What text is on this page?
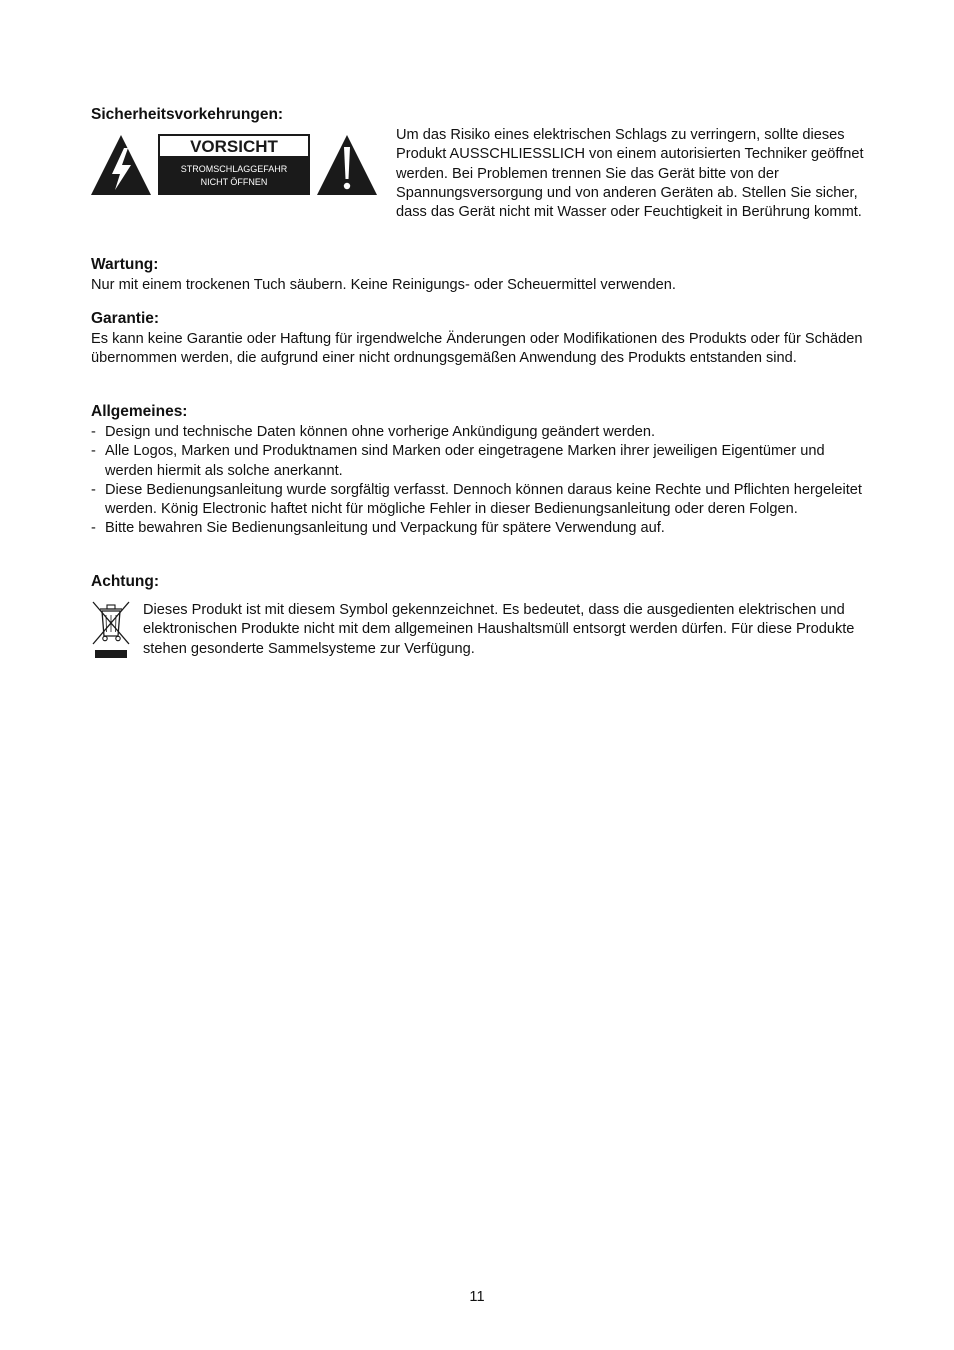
Sicherheitsvorkehrungen:
VORSICHT
STROMSCHLAGGEFAHR
NICHT ÖFFNEN
Um das Risiko eines elektrischen Schlags zu verringern, sollte dieses Produkt AUSSCHLIESSLICH von einem autorisierten Techniker geöffnet werden. Bei Problemen trennen Sie das Gerät bitte von der Spannungsversorgung und von anderen Geräten ab. Stellen Sie sicher, dass das Gerät nicht mit Wasser oder Feuchtigkeit in Berührung kommt.
Wartung:
Nur mit einem trockenen Tuch säubern. Keine Reinigungs- oder Scheuermittel verwenden.
Garantie:
Es kann keine Garantie oder Haftung für irgendwelche Änderungen oder Modifikationen des Produkts oder für Schäden übernommen werden, die aufgrund einer nicht ordnungsgemäßen Anwendung des Produkts entstanden sind.
Allgemeines:
- Design und technische Daten können ohne vorherige Ankündigung geändert werden.
- Alle Logos, Marken und Produktnamen sind Marken oder eingetragene Marken ihrer jeweiligen Eigentümer und werden hiermit als solche anerkannt.
- Diese Bedienungsanleitung wurde sorgfältig verfasst. Dennoch können daraus keine Rechte und Pflichten hergeleitet werden. König Electronic haftet nicht für mögliche Fehler in dieser Bedienungsanleitung oder deren Folgen.
- Bitte bewahren Sie Bedienungsanleitung und Verpackung für spätere Verwendung auf.
Achtung:
Dieses Produkt ist mit diesem Symbol gekennzeichnet. Es bedeutet, dass die ausgedienten elektrischen und elektronischen Produkte nicht mit dem allgemeinen Haushaltsmüll entsorgt werden dürfen. Für diese Produkte stehen gesonderte Sammelsysteme zur Verfügung.
11
